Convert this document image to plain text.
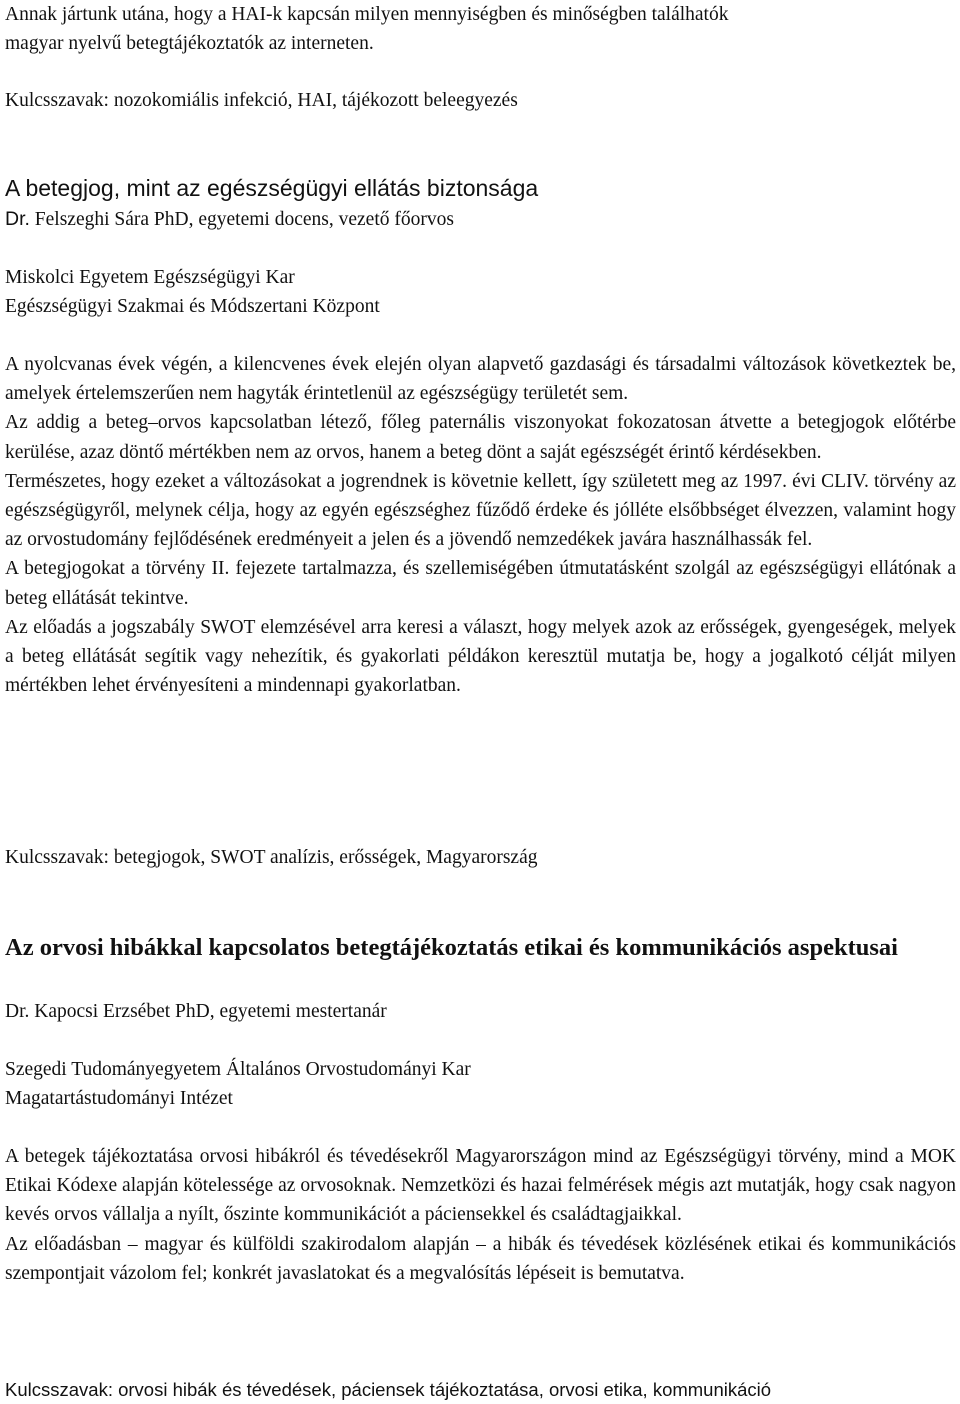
Annak jártunk utána, hogy a HAI-k kapcsán milyen mennyiségben és minőségben találhatók
magyar nyelvű betegtájékoztatók az interneten.
Kulcsszavak: nozokomiális infekció, HAI, tájékozott beleegyezés
A betegjog, mint az egészségügyi ellátás biztonsága
Dr. Felszeghi Sára PhD, egyetemi docens, vezető főorvos
Miskolci Egyetem Egészségügyi Kar
Egészségügyi Szakmai és Módszertani Központ

A nyolcvanas évek végén, a kilencvenes évek elején olyan alapvető gazdasági és társadalmi változások következtek be, amelyek értelemszerűen nem hagyták érintetlenül az egészségügy területét sem.

Az addig a beteg–orvos kapcsolatban létező, főleg paternális viszonyokat fokozatosan átvette a betegjogok előtérbe kerülése, azaz döntő mértékben nem az orvos, hanem a beteg dönt a saját egészségét érintő kérdésekben.

Természetes, hogy ezeket a változásokat a jogrendnek is követnie kellett, így született meg az 1997. évi CLIV. törvény az egészségügyről, melynek célja, hogy az egyén egészséghez fűződő érdeke és jólléte elsőbbséget élvezzen, valamint hogy az orvostudomány fejlődésének eredményeit a jelen és a jövendő nemzedékek javára használhassák fel.

A betegjogokat a törvény II. fejezete tartalmazza, és szellemiségében útmutatásként szolgál az egészségügyi ellátónak a beteg ellátását tekintve.

Az előadás a jogszabály SWOT elemzésével arra keresi a választ, hogy melyek azok az erősségek, gyengeségek, melyek a beteg ellátását segítik vagy nehezítik, és gyakorlati példákon keresztül mutatja be, hogy a jogalkotó célját milyen mértékben lehet érvényesíteni a mindennapi gyakorlatban.

Kulcsszavak: betegjogok, SWOT analízis, erősségek, Magyarország
Az orvosi hibákkal kapcsolatos betegtájékoztatás etikai és kommunikációs aspektusai
Dr. Kapocsi Erzsébet PhD, egyetemi mestertanár
Szegedi Tudományegyetem Általános Orvostudományi Kar
Magatartástudományi Intézet

A betegek tájékoztatása orvosi hibákról és tévedésekről Magyarországon mind az Egészségügyi törvény, mind a MOK Etikai Kódexe alapján kötelessége az orvosoknak. Nemzetközi és hazai felmérések mégis azt mutatják, hogy csak nagyon kevés orvos vállalja a nyílt, őszinte kommunikációt a páciensekkel és családtagjaikkal.

Az előadásban – magyar és külföldi szakirodalom alapján – a hibák és tévedések közlésének etikai és kommunikációs szempontjait vázolom fel; konkrét javaslatokat és a megvalósítás lépéseit is bemutatva.

Kulcsszavak: orvosi hibák és tévedések, páciensek tájékoztatása, orvosi etika, kommunikáció
